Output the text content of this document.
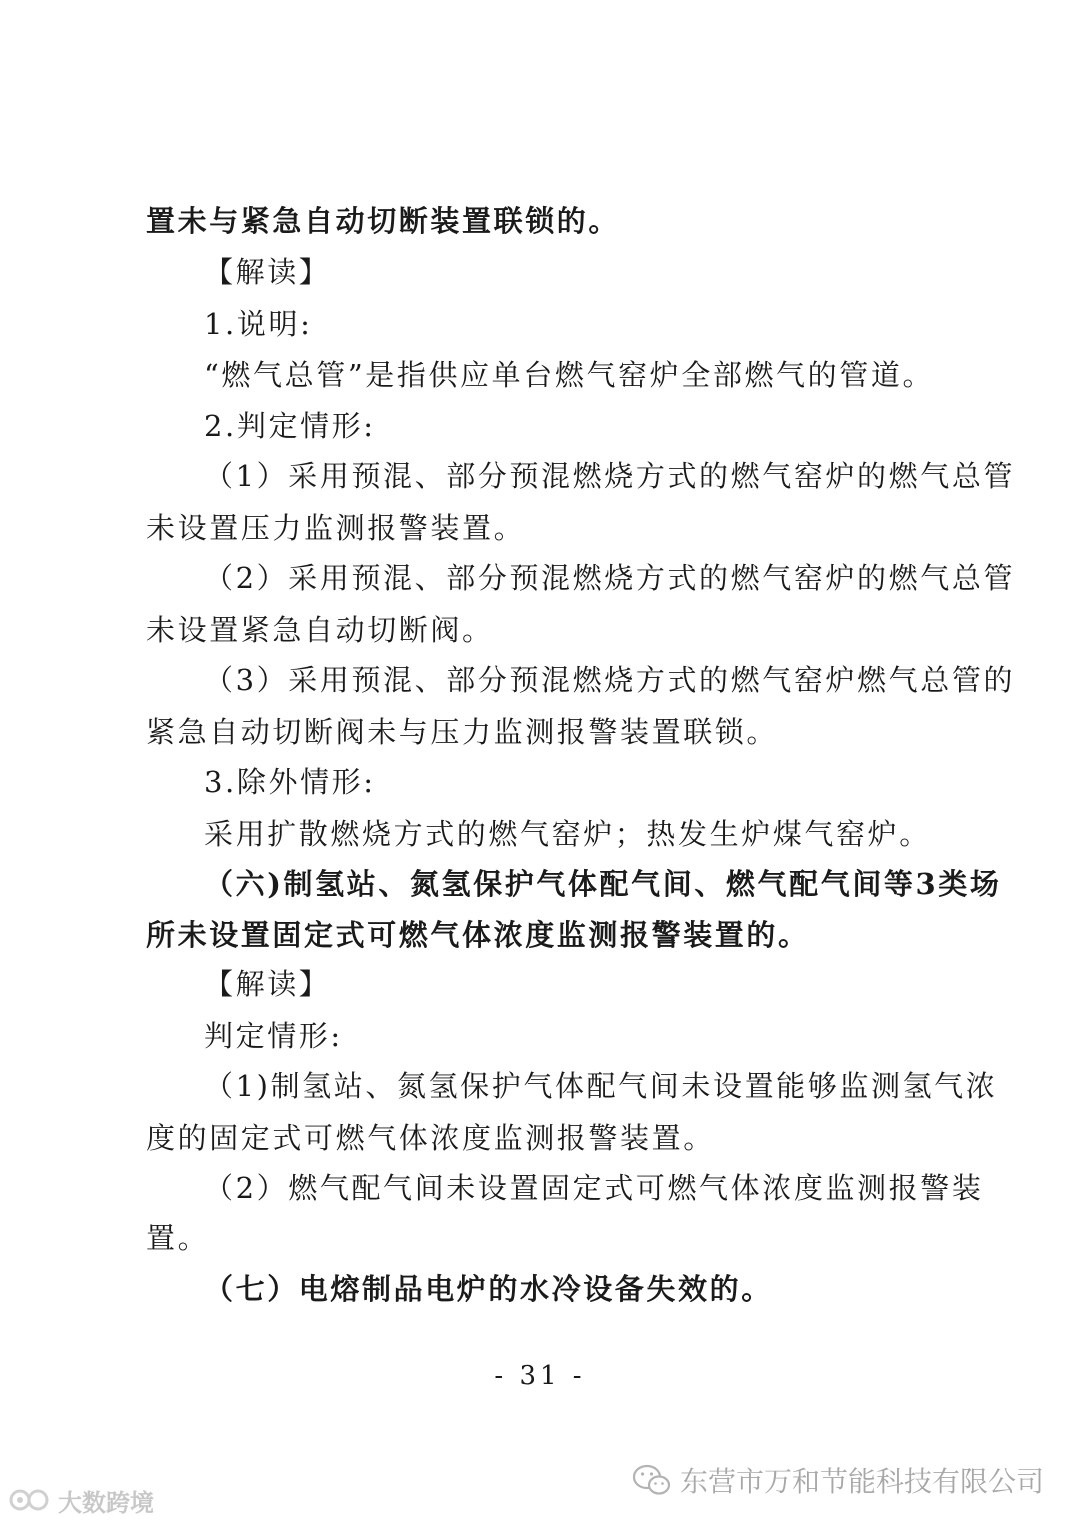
置未与紧急自动切断装置联锁的。
【解读】
1.说明:
“燃气总管”是指供应单台燃气窑炉全部燃气的管道。
2.判定情形:
（1）采用预混、部分预混燃烧方式的燃气窑炉的燃气总管
未设置压力监测报警装置。
（2）采用预混、部分预混燃烧方式的燃气窑炉的燃气总管
未设置紧急自动切断阀。
（3）采用预混、部分预混燃烧方式的燃气窑炉燃气总管的
紧急自动切断阀未与压力监测报警装置联锁。
3.除外情形:
采用扩散燃烧方式的燃气窑炉；热发生炉煤气窑炉。
（六)制氢站、氮氢保护气体配气间、燃气配气间等3类场
所未设置固定式可燃气体浓度监测报警装置的。
【解读】
判定情形:
（1)制氢站、氮氢保护气体配气间未设置能够监测氢气浓
度的固定式可燃气体浓度监测报警装置。
（2）燃气配气间未设置固定式可燃气体浓度监测报警装
置。
（七）电熔制品电炉的水冷设备失效的。
- 31 -
东营市万和节能科技有限公司
大数跨境
